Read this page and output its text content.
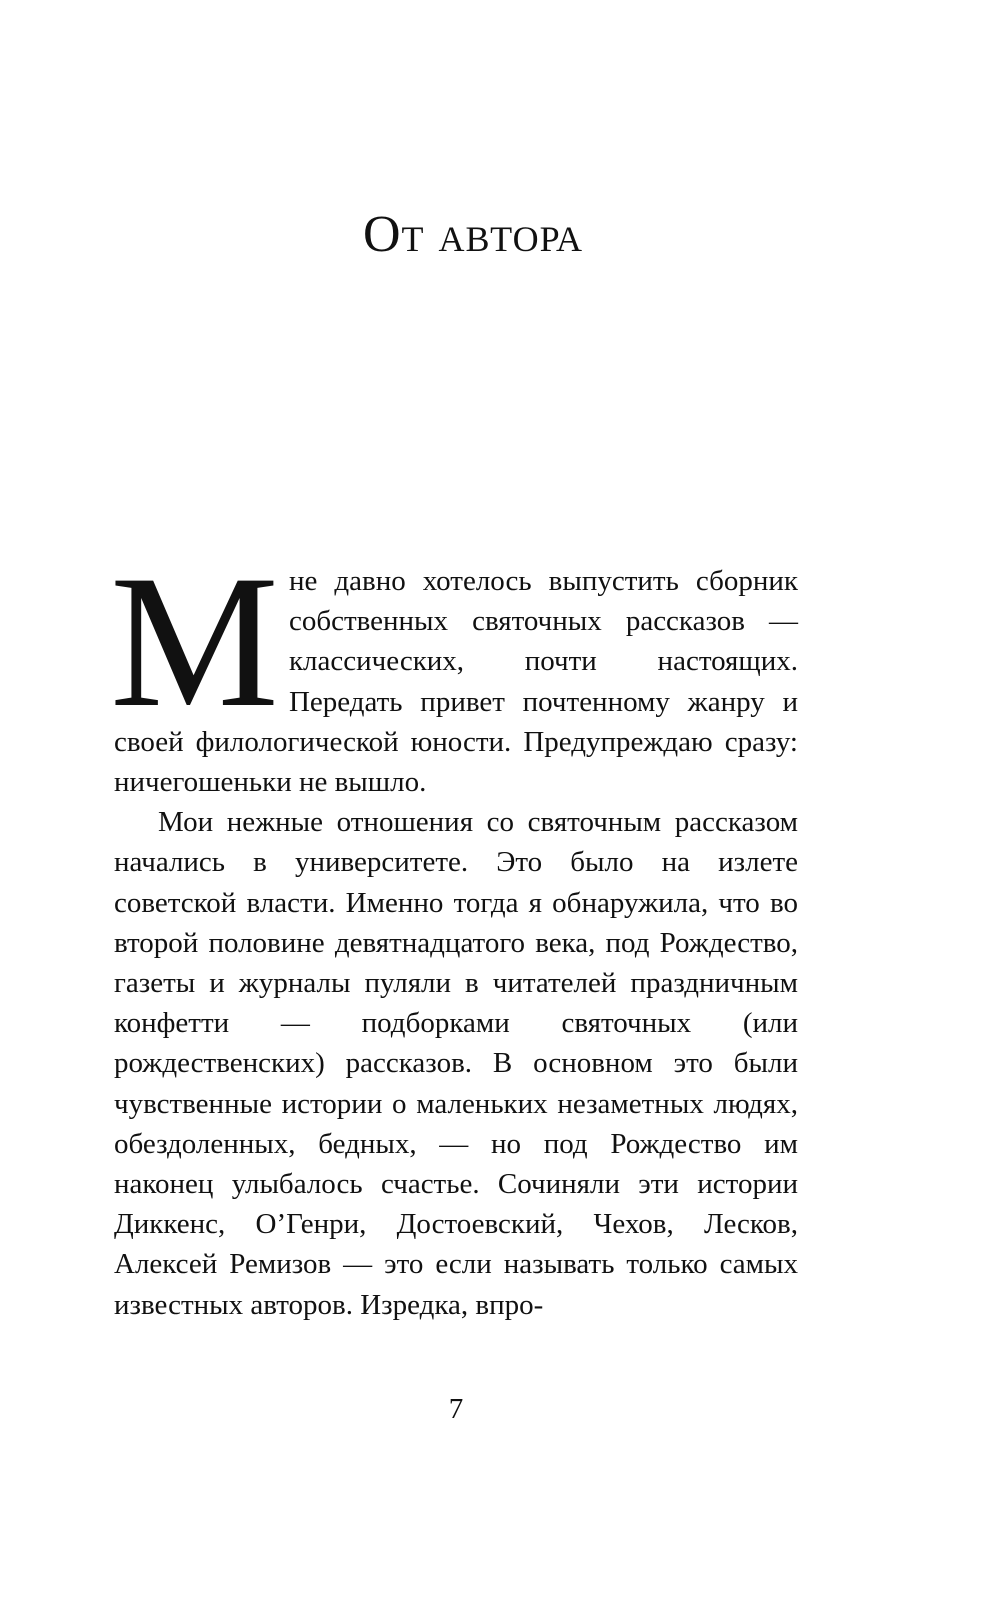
От автора

Мне давно хотелось выпустить сборник собственных святочных рассказов — классических, почти настоящих. Передать привет почтенному жанру и своей филологической юности. Предупреждаю сразу: ничегошеньки не вышло.

Мои нежные отношения со святочным рассказом начались в университете. Это было на излете советской власти. Именно тогда я обнаружила, что во второй половине девятнадцатого века, под Рождество, газеты и журналы пуляли в читателей праздничным конфетти — подборками святочных (или рождественских) рассказов. В основном это были чувственные истории о маленьких незаметных людях, обездоленных, бедных, — но под Рождество им наконец улыбалось счастье. Сочиняли эти истории Диккенс, О’Генри, Достоевский, Чехов, Лесков, Алексей Ремизов — это если называть только самых известных авторов. Изредка, впро-

7
